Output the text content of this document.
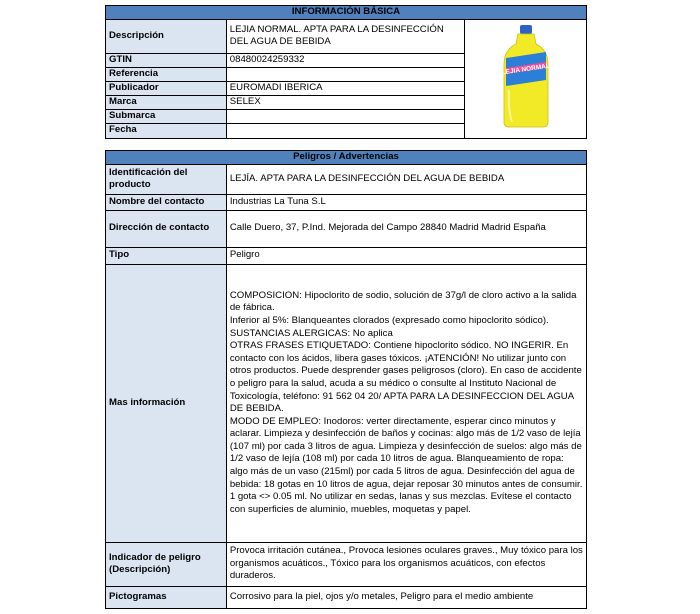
INFORMACIÓN BÁSICA		
Descripción	LEJIA NORMAL. APTA PARA LA DESINFECCIÓN DEL AGUA DE BEBIDA	LEJIA NORMAL

GTIN	08480024259332	
Referencia		
Publicador	EUROMADI IBERICA	
Marca	SELEX	
Submarca		
Fecha		
Peligros / Advertencias	
Identificación del producto	LEJÍA. APTA PARA LA DESINFECCIÓN DEL AGUA DE BEBIDA
Nombre del contacto	Industrias La Tuna S.L
Dirección de contacto	Calle Duero, 37, P.Ind. Mejorada del Campo 28840 Madrid Madrid España
Tipo	Peligro
Mas información	COMPOSICION: Hipoclorito de sodio, solución de 37g/l de cloro activo a la salida de fábrica.

Inferior al 5%: Blanqueantes clorados (expresado como hipoclorito sódico).

SUSTANCIAS ALERGICAS: No aplica

OTRAS FRASES ETIQUETADO: Contiene hipoclorito sódico. NO INGERIR. En contacto con los ácidos, libera gases tóxicos. ¡ATENCIÓN! No utilizar junto con otros productos. Puede desprender gases peligrosos (cloro). En caso de accidente o peligro para la salud, acuda a su médico o consulte al Instituto Nacional de Toxicología, teléfono: 91 562 04 20/ APTA PARA LA DESINFECCION DEL AGUA DE BEBIDA.

MODO DE EMPLEO: Inodoros: verter directamente, esperar cinco minutos y aclarar. Limpieza y desinfección de baños y cocinas: algo más de 1/2 vaso de lejía (107 ml) por cada 3 litros de agua. Limpieza y desinfección de suelos: algo más de 1/2 vaso de lejía (108 ml) por cada 10 litros de agua. Blanqueamiento de ropa: algo más de un vaso (215ml) por cada 5 litros de agua. Desinfección del agua de bebida: 18 gotas en 10 litros de agua, dejar reposar 30 minutos antes de consumir. 1 gota <> 0.05 ml. No utilizar en sedas, lanas y sus mezclas. Evítese el contacto con superficies de aluminio, muebles, moquetas y papel.

Indicador de peligro (Descripción)	Provoca irritación cutánea., Provoca lesiones oculares graves., Muy tóxico para los organismos acuáticos., Tóxico para los organismos acuáticos, con efectos duraderos.
Pictogramas	Corrosivo para la piel, ojos y/o metales, Peligro para el medio ambiente
